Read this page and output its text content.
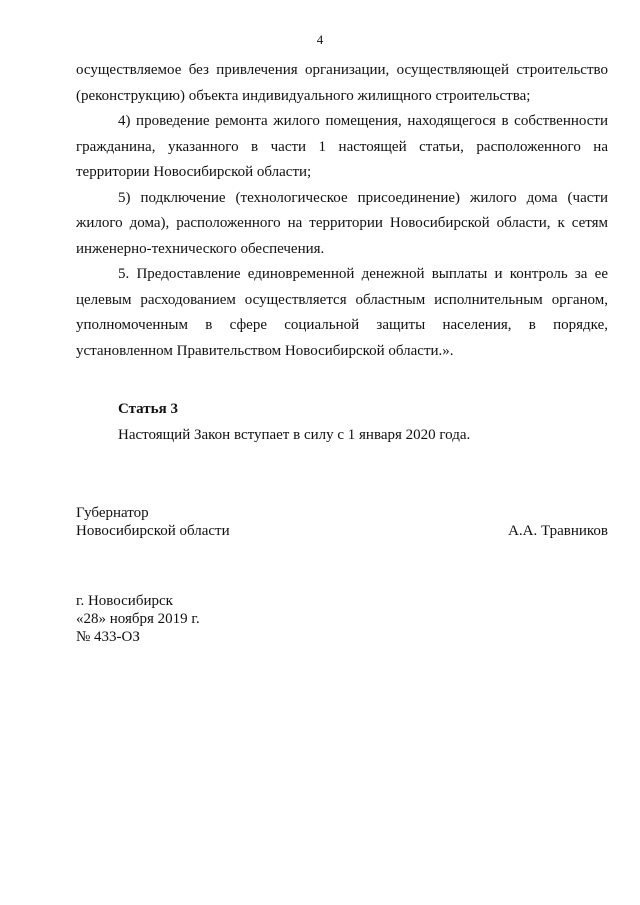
4

осуществляемое без привлечения организации, осуществляющей строительство (реконструкцию) объекта индивидуального жилищного строительства;

4) проведение ремонта жилого помещения, находящегося в собственности гражданина, указанного в части 1 настоящей статьи, расположенного на территории Новосибирской области;

5) подключение (технологическое присоединение) жилого дома (части жилого дома), расположенного на территории Новосибирской области, к сетям инженерно-технического обеспечения.

5. Предоставление единовременной денежной выплаты и контроль за ее целевым расходованием осуществляется областным исполнительным органом, уполномоченным в сфере социальной защиты населения, в порядке, установленном Правительством Новосибирской области.».

Статья 3
Настоящий Закон вступает в силу с 1 января 2020 года.
Губернатор
Новосибирской области	А.А. Травников
г. Новосибирск
«28» ноября 2019 г.
№ 433-ОЗ
